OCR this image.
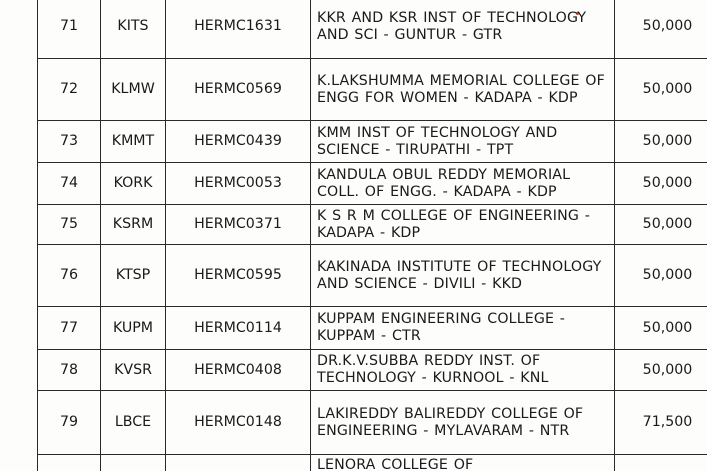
71	KITS	HERMC1631	KKR AND KSR INST OF TECHNOLOGY AND SCI - GUNTUR - GTR	50,000
72	KLMW	HERMC0569	K.LAKSHUMMA MEMORIAL COLLEGE OF ENGG FOR WOMEN - KADAPA - KDP	50,000
73	KMMT	HERMC0439	KMM INST OF TECHNOLOGY AND SCIENCE - TIRUPATHI - TPT	50,000
74	KORK	HERMC0053	KANDULA OBUL REDDY MEMORIAL COLL. OF ENGG. - KADAPA - KDP	50,000
75	KSRM	HERMC0371	K S R M COLLEGE OF ENGINEERING - KADAPA - KDP	50,000
76	KTSP	HERMC0595	KAKINADA INSTITUTE OF TECHNOLOGY AND SCIENCE - DIVILI - KKD	50,000
77	KUPM	HERMC0114	KUPPAM ENGINEERING COLLEGE - KUPPAM - CTR	50,000
78	KVSR	HERMC0408	DR.K.V.SUBBA REDDY INST. OF TECHNOLOGY - KURNOOL - KNL	50,000
79	LBCE	HERMC0148	LAKIREDDY BALIREDDY COLLEGE OF ENGINEERING - MYLAVARAM - NTR	71,500

			LENORA COLLEGE OF	
